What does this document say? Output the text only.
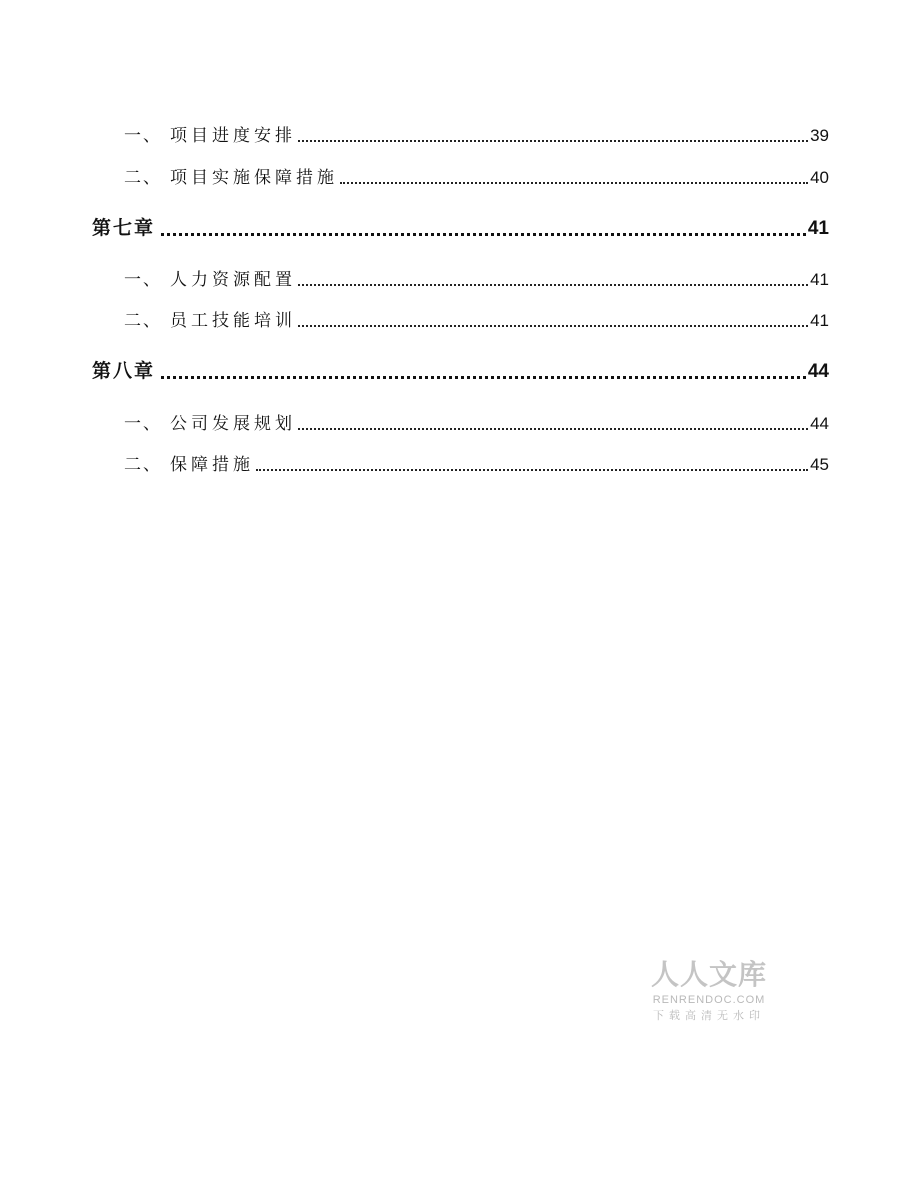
一、 项目进度安排	39
二、 项目实施保障措施	40
第七章	41
一、 人力资源配置	41
二、 员工技能培训	41
第八章	44
一、 公司发展规划	44
二、 保障措施	45
人人文库
RENRENDOC.COM
下载高清无水印
